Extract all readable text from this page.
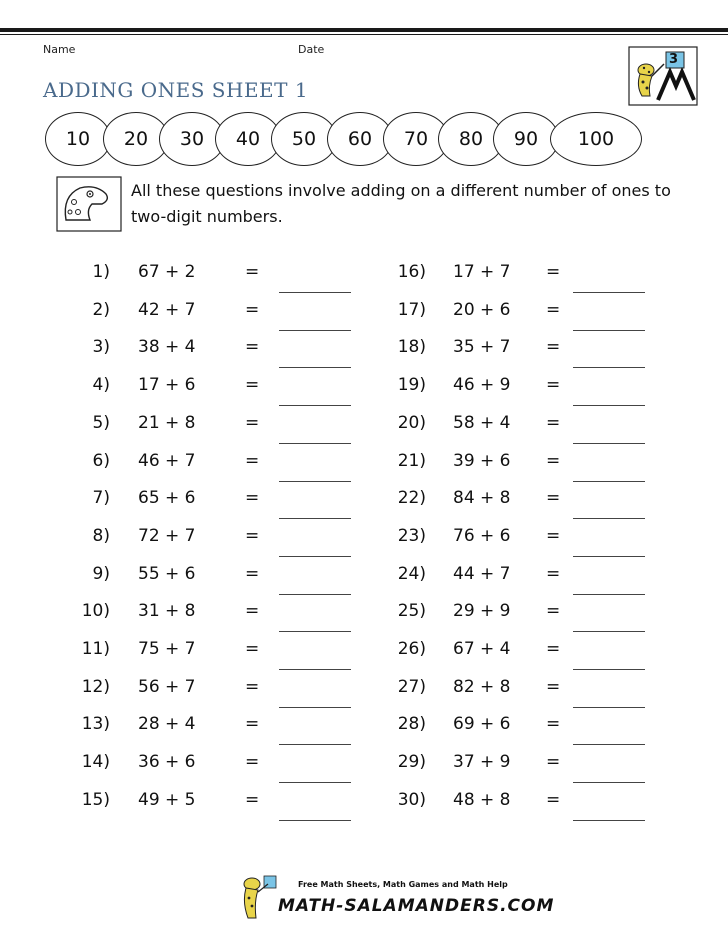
Name	Date
ADDING ONES SHEET 1
3
10	20	30	40	50	60	70	80	90	100
All these questions involve adding on a different number of ones to two-digit numbers.
1) 67 + 2	=
2) 42 + 7	=
3) 38 + 4	=
4) 17 + 6	=
5) 21 + 8	=
6) 46 + 7	=
7) 65 + 6	=
8) 72 + 7	=
9) 55 + 6	=
10) 31 + 8	=
11) 75 + 7	=
12) 56 + 7	=
13) 28 + 4	=
14) 36 + 6	=
15) 49 + 5	=
16) 17 + 7 =
17) 20 + 6 =
18) 35 + 7 =
19) 46 + 9 =
20) 58 + 4 =
21) 39 + 6 =
22) 84 + 8 =
23) 76 + 6 =
24) 44 + 7 =
25) 29 + 9 =
26) 67 + 4 =
27) 82 + 8 =
28) 69 + 6 =
29) 37 + 9 =
30) 48 + 8 =
Free Math Sheets, Math Games and Math Help
MATH-SALAMANDERS.COM
